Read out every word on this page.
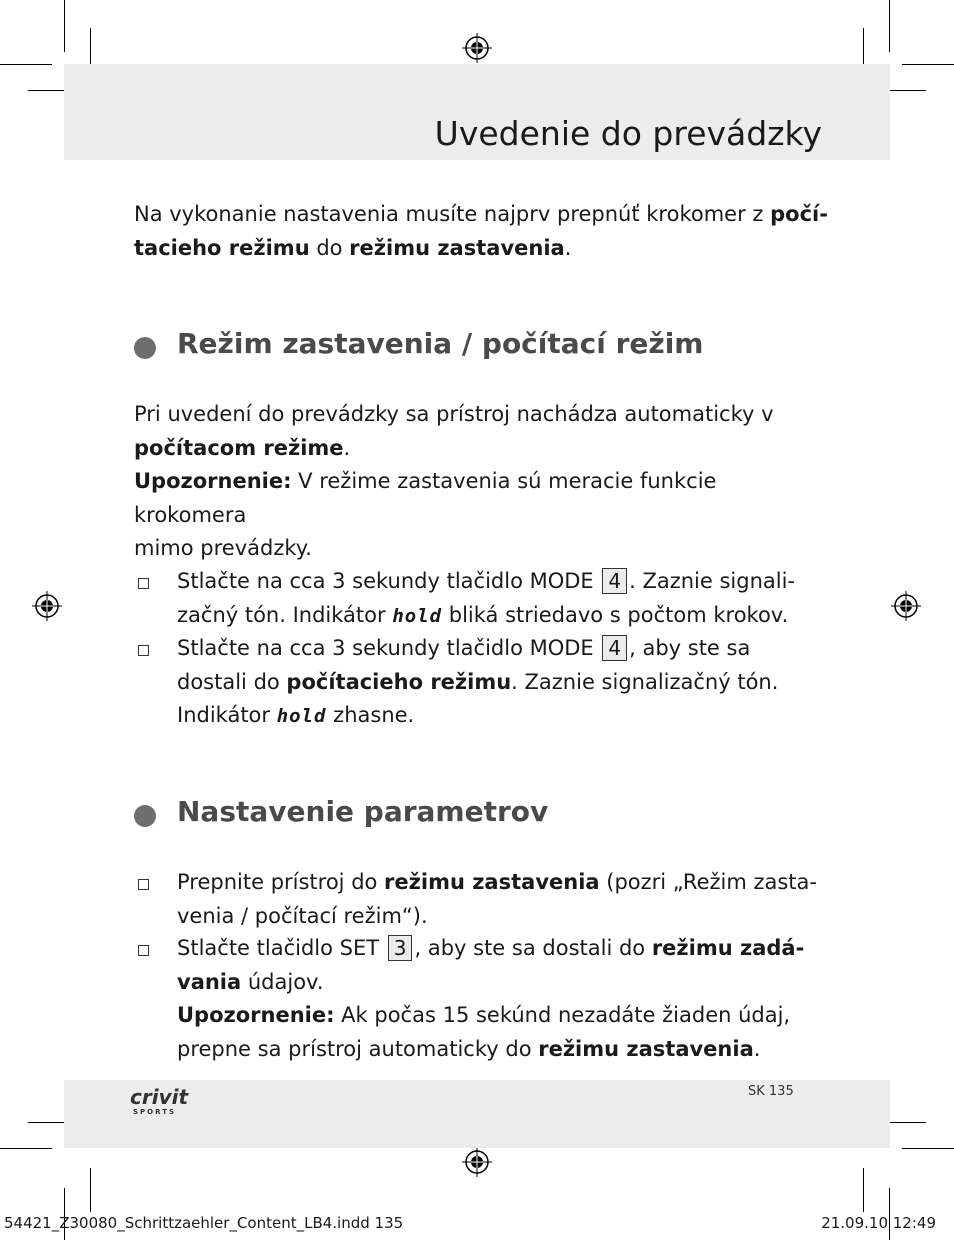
Uvedenie do prevádzky
Na vykonanie nastavenia musíte najprv prepnúť krokomer z počí-
tacieho režimu do režimu zastavenia.
Režim zastavenia / počítací režim
Pri uvedení do prevádzky sa prístroj nachádza automaticky v
počítacom režime.
Upozornenie: V režime zastavenia sú meracie funkcie krokomera
mimo prevádzky.
Stlačte na cca 3 sekundy tlačidlo MODE 4 . Zaznie signali-
začný tón. Indikátor hold bliká striedavo s počtom krokov.
Stlačte na cca 3 sekundy tlačidlo MODE 4 , aby ste sa
dostali do počítacieho režimu. Zaznie signalizačný tón.
Indikátor hold zhasne.
Nastavenie parametrov
Prepnite prístroj do režimu zastavenia (pozri „Režim zasta-
venia / počítací režim“).
Stlačte tlačidlo SET 3 , aby ste sa dostali do režimu zadá-
vania údajov.
Upozornenie: Ak počas 15 sekúnd nezadáte žiaden údaj,
prepne sa prístroj automaticky do režimu zastavenia.
crivit
SPORTS
SK 135
54421_Z30080_Schrittzaehler_Content_LB4.indd 135	21.09.10 12:49
